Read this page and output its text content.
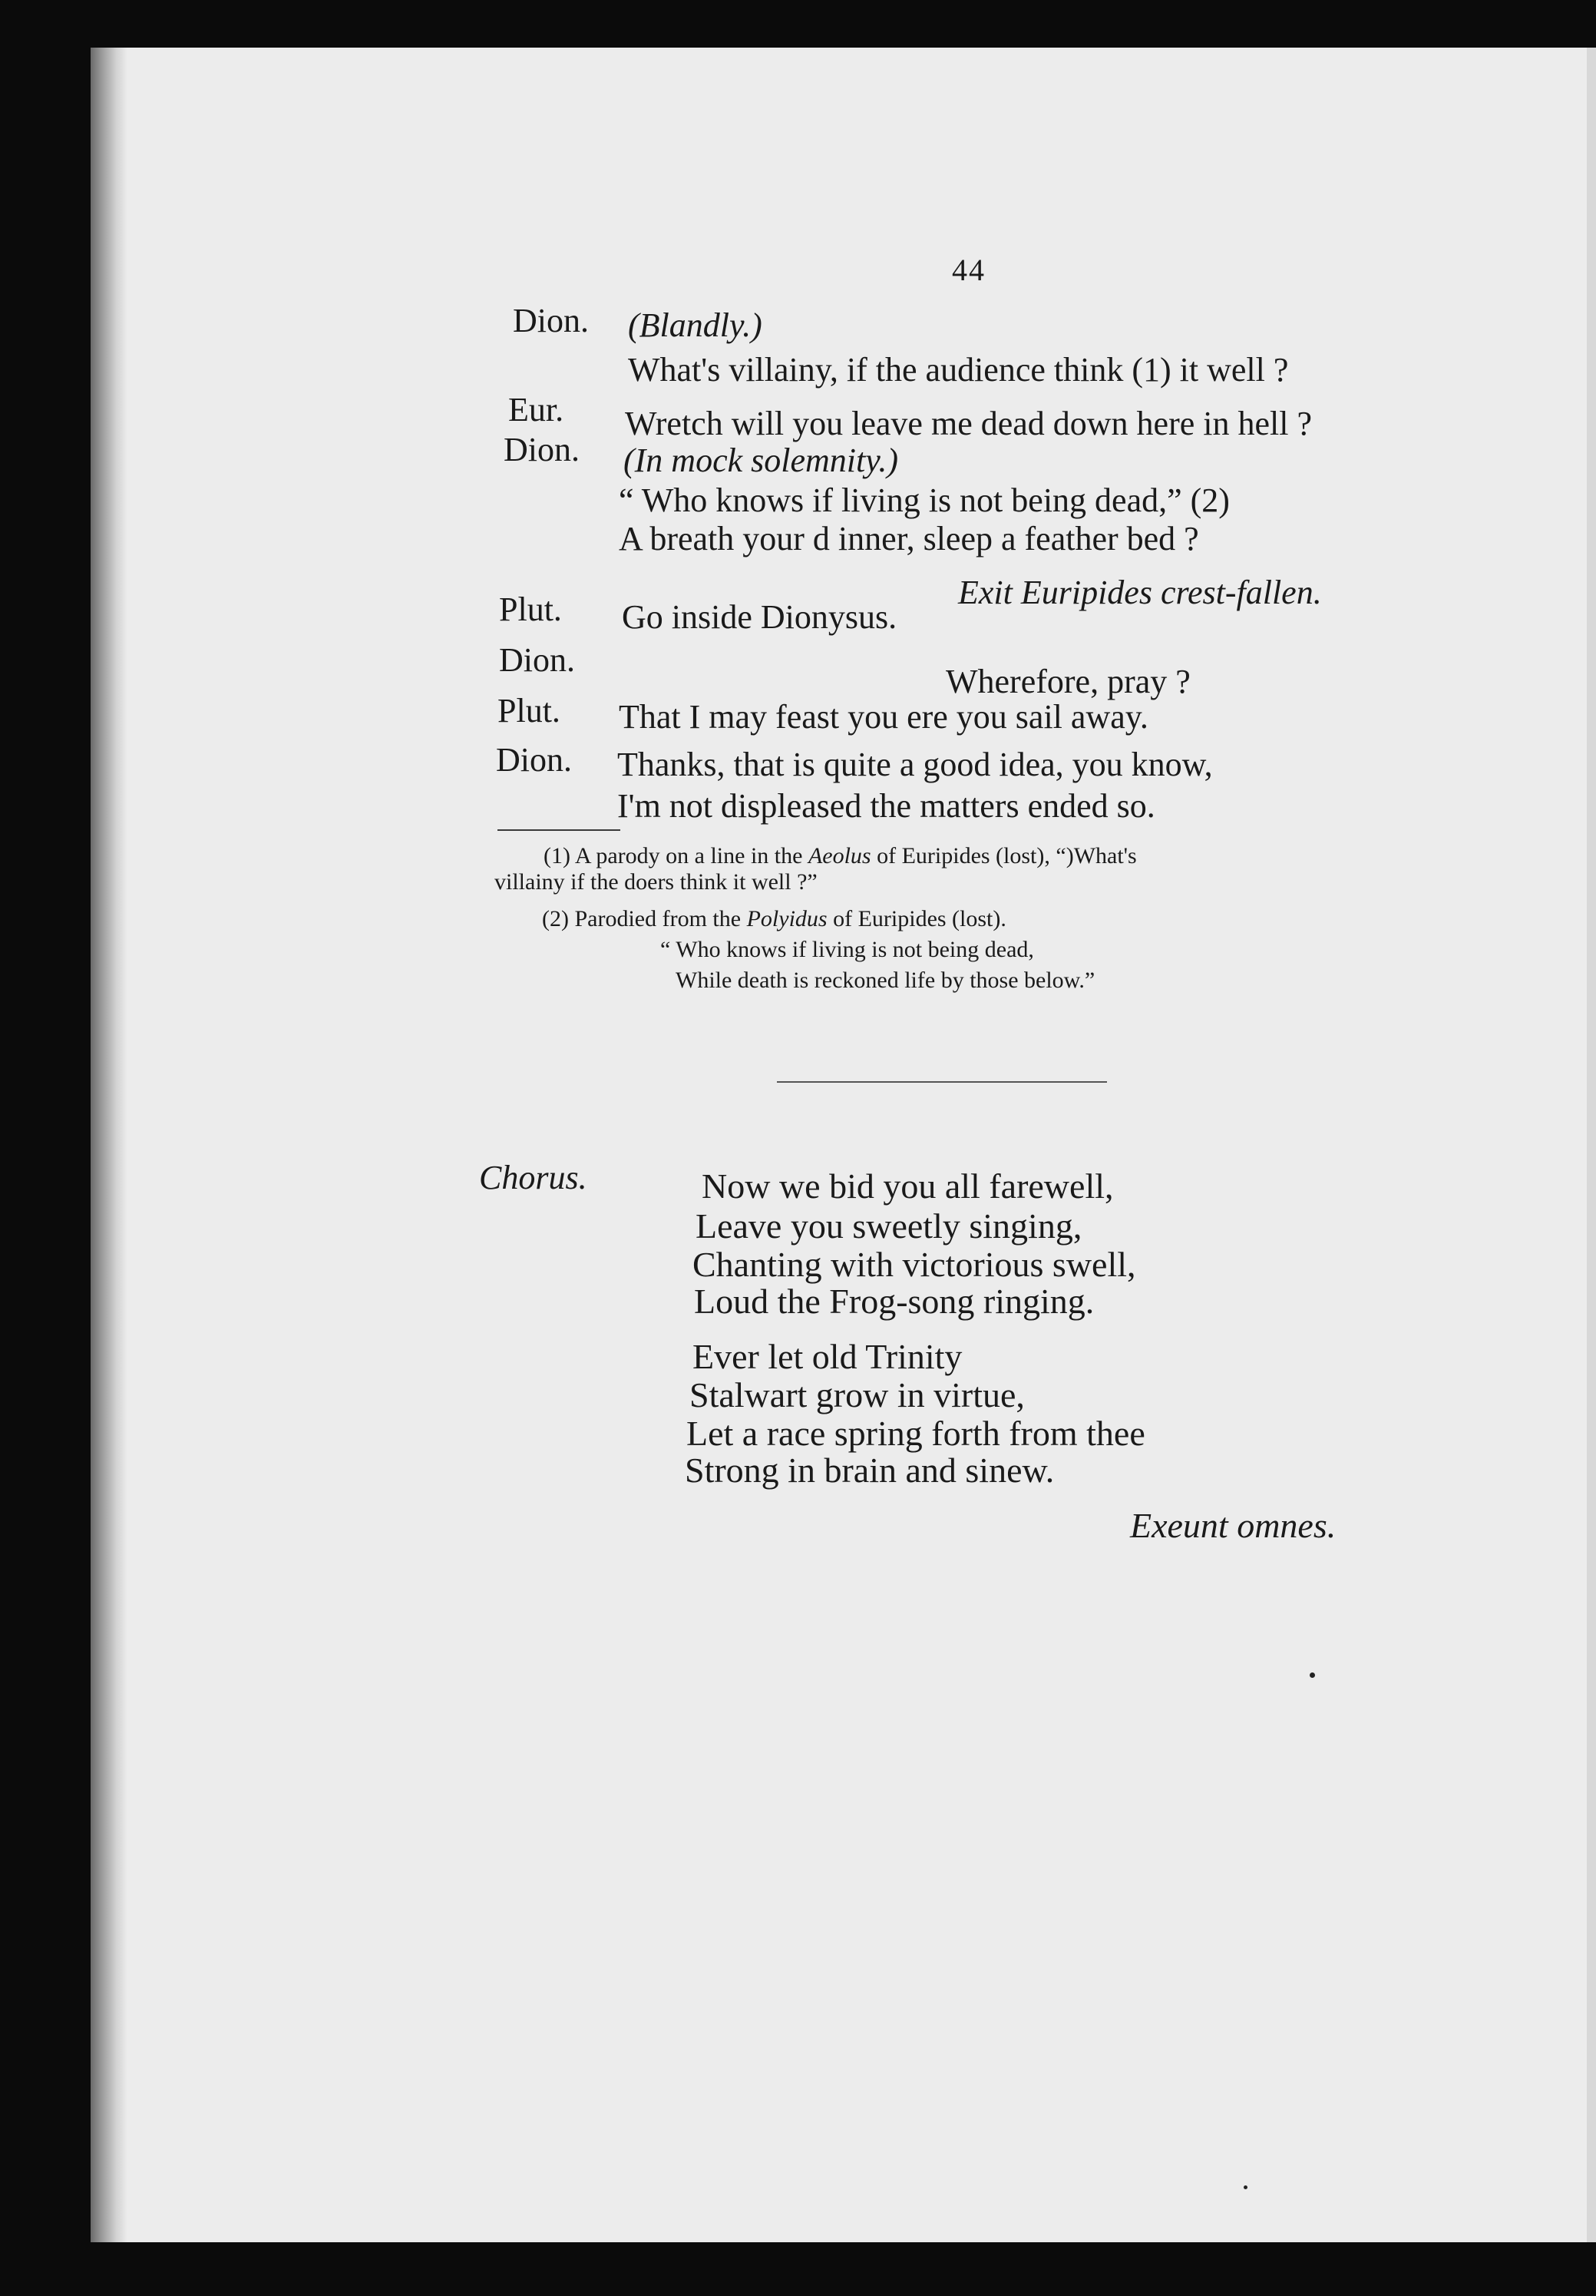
44
Dion. (Blandly.)
What's villainy, if the audience think (1) it well ?
Eur. Wretch will you leave me dead down here in hell ?
Dion. (In mock solemnity.)
“ Who knows if living is not being dead,” (2)
A breath your d inner, sleep a feather bed ?
Exit Euripides crest-fallen.
Plut. Go inside Dionysus.
Dion.
Wherefore, pray ?
Plut. That I may feast you ere you sail away.
Dion. Thanks, that is quite a good idea, you know,
I'm not displeased the matters ended so.
(1) A parody on a line in the Aeolus of Euripides (lost), “)What's
villainy if the doers think it well ?”
(2) Parodied from the Polyidus of Euripides (lost).
“ Who knows if living is not being dead,
While death is reckoned life by those below.”
Chorus.	Now we bid you all farewell,
Leave you sweetly singing,
Chanting with victorious swell,
Loud the Frog-song ringing.
Ever let old Trinity
Stalwart grow in virtue,
Let a race spring forth from thee
Strong in brain and sinew.
Exeunt omnes.
